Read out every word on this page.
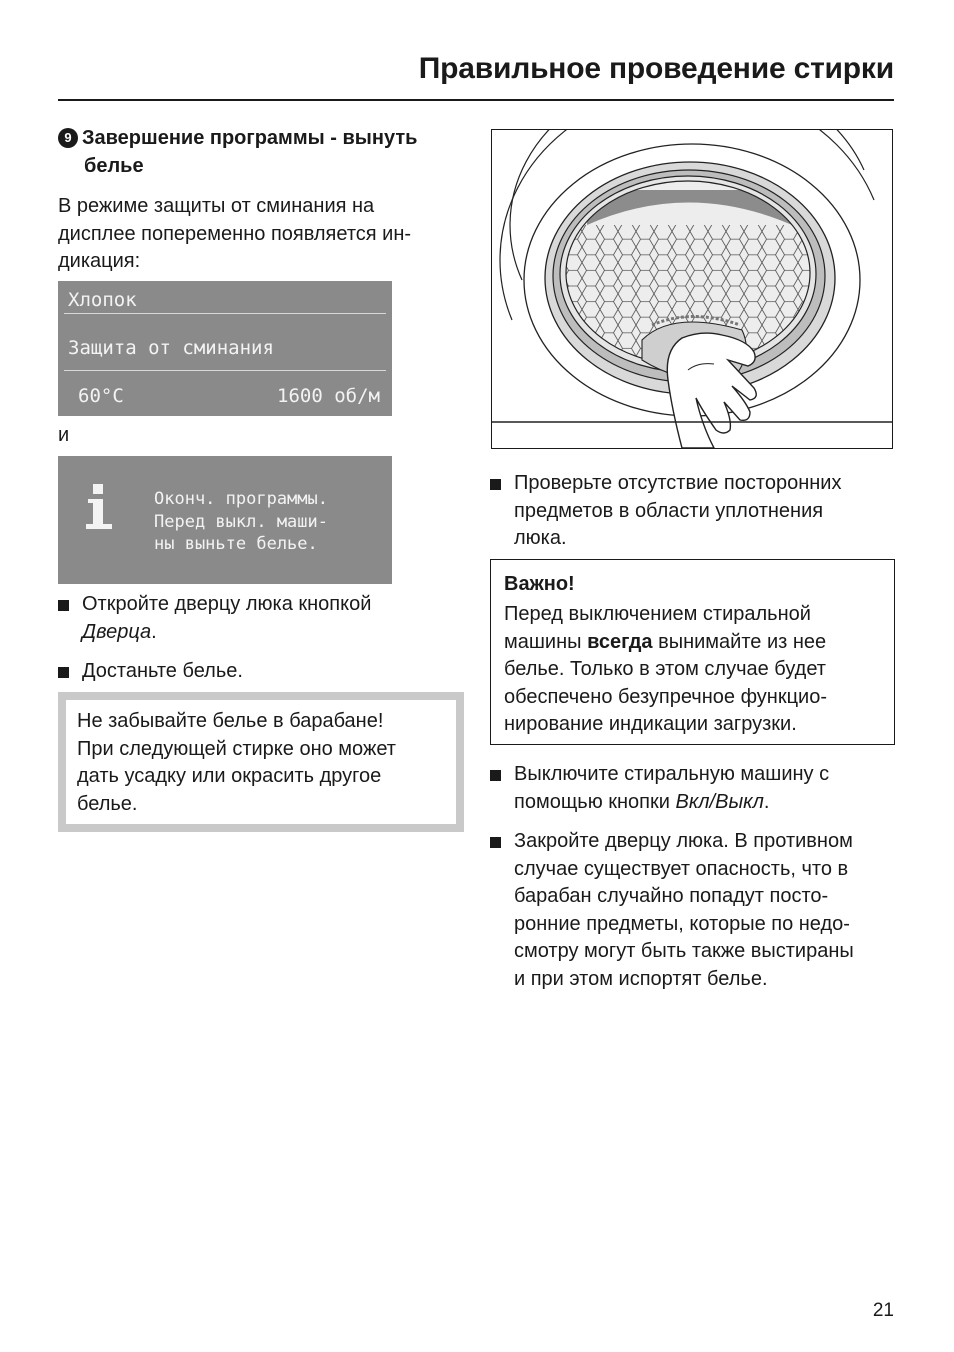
Правильное проведение стирки
9 Завершение программы - вынуть
белье
В режиме защиты от сминания на
дисплее попеременно появляется ин-
дикация:
Хлопок
Защита от сминания
60°C	1600 об/м
и
Оконч. программы.
Перед выкл. маши-
ны выньте белье.
Откройте дверцу люка кнопкой
Дверца.
Достаньте белье.
Не забывайте белье в барабане!
При следующей стирке оно может
дать усадку или окрасить другое
белье.
Проверьте отсутствие посторонних
предметов в области уплотнения
люка.
Важно!
Перед выключением стиральной
машины всегда вынимайте из нее
белье. Только в этом случае будет
обеспечено безупречное функцио-
нирование индикации загрузки.
Выключите стиральную машину с
помощью кнопки Вкл/Выкл.
Закройте дверцу люка. В противном
случае существует опасность, что в
барабан случайно попадут посто-
ронние предметы, которые по недо-
смотру могут быть также выстираны
и при этом испортят белье.
21
